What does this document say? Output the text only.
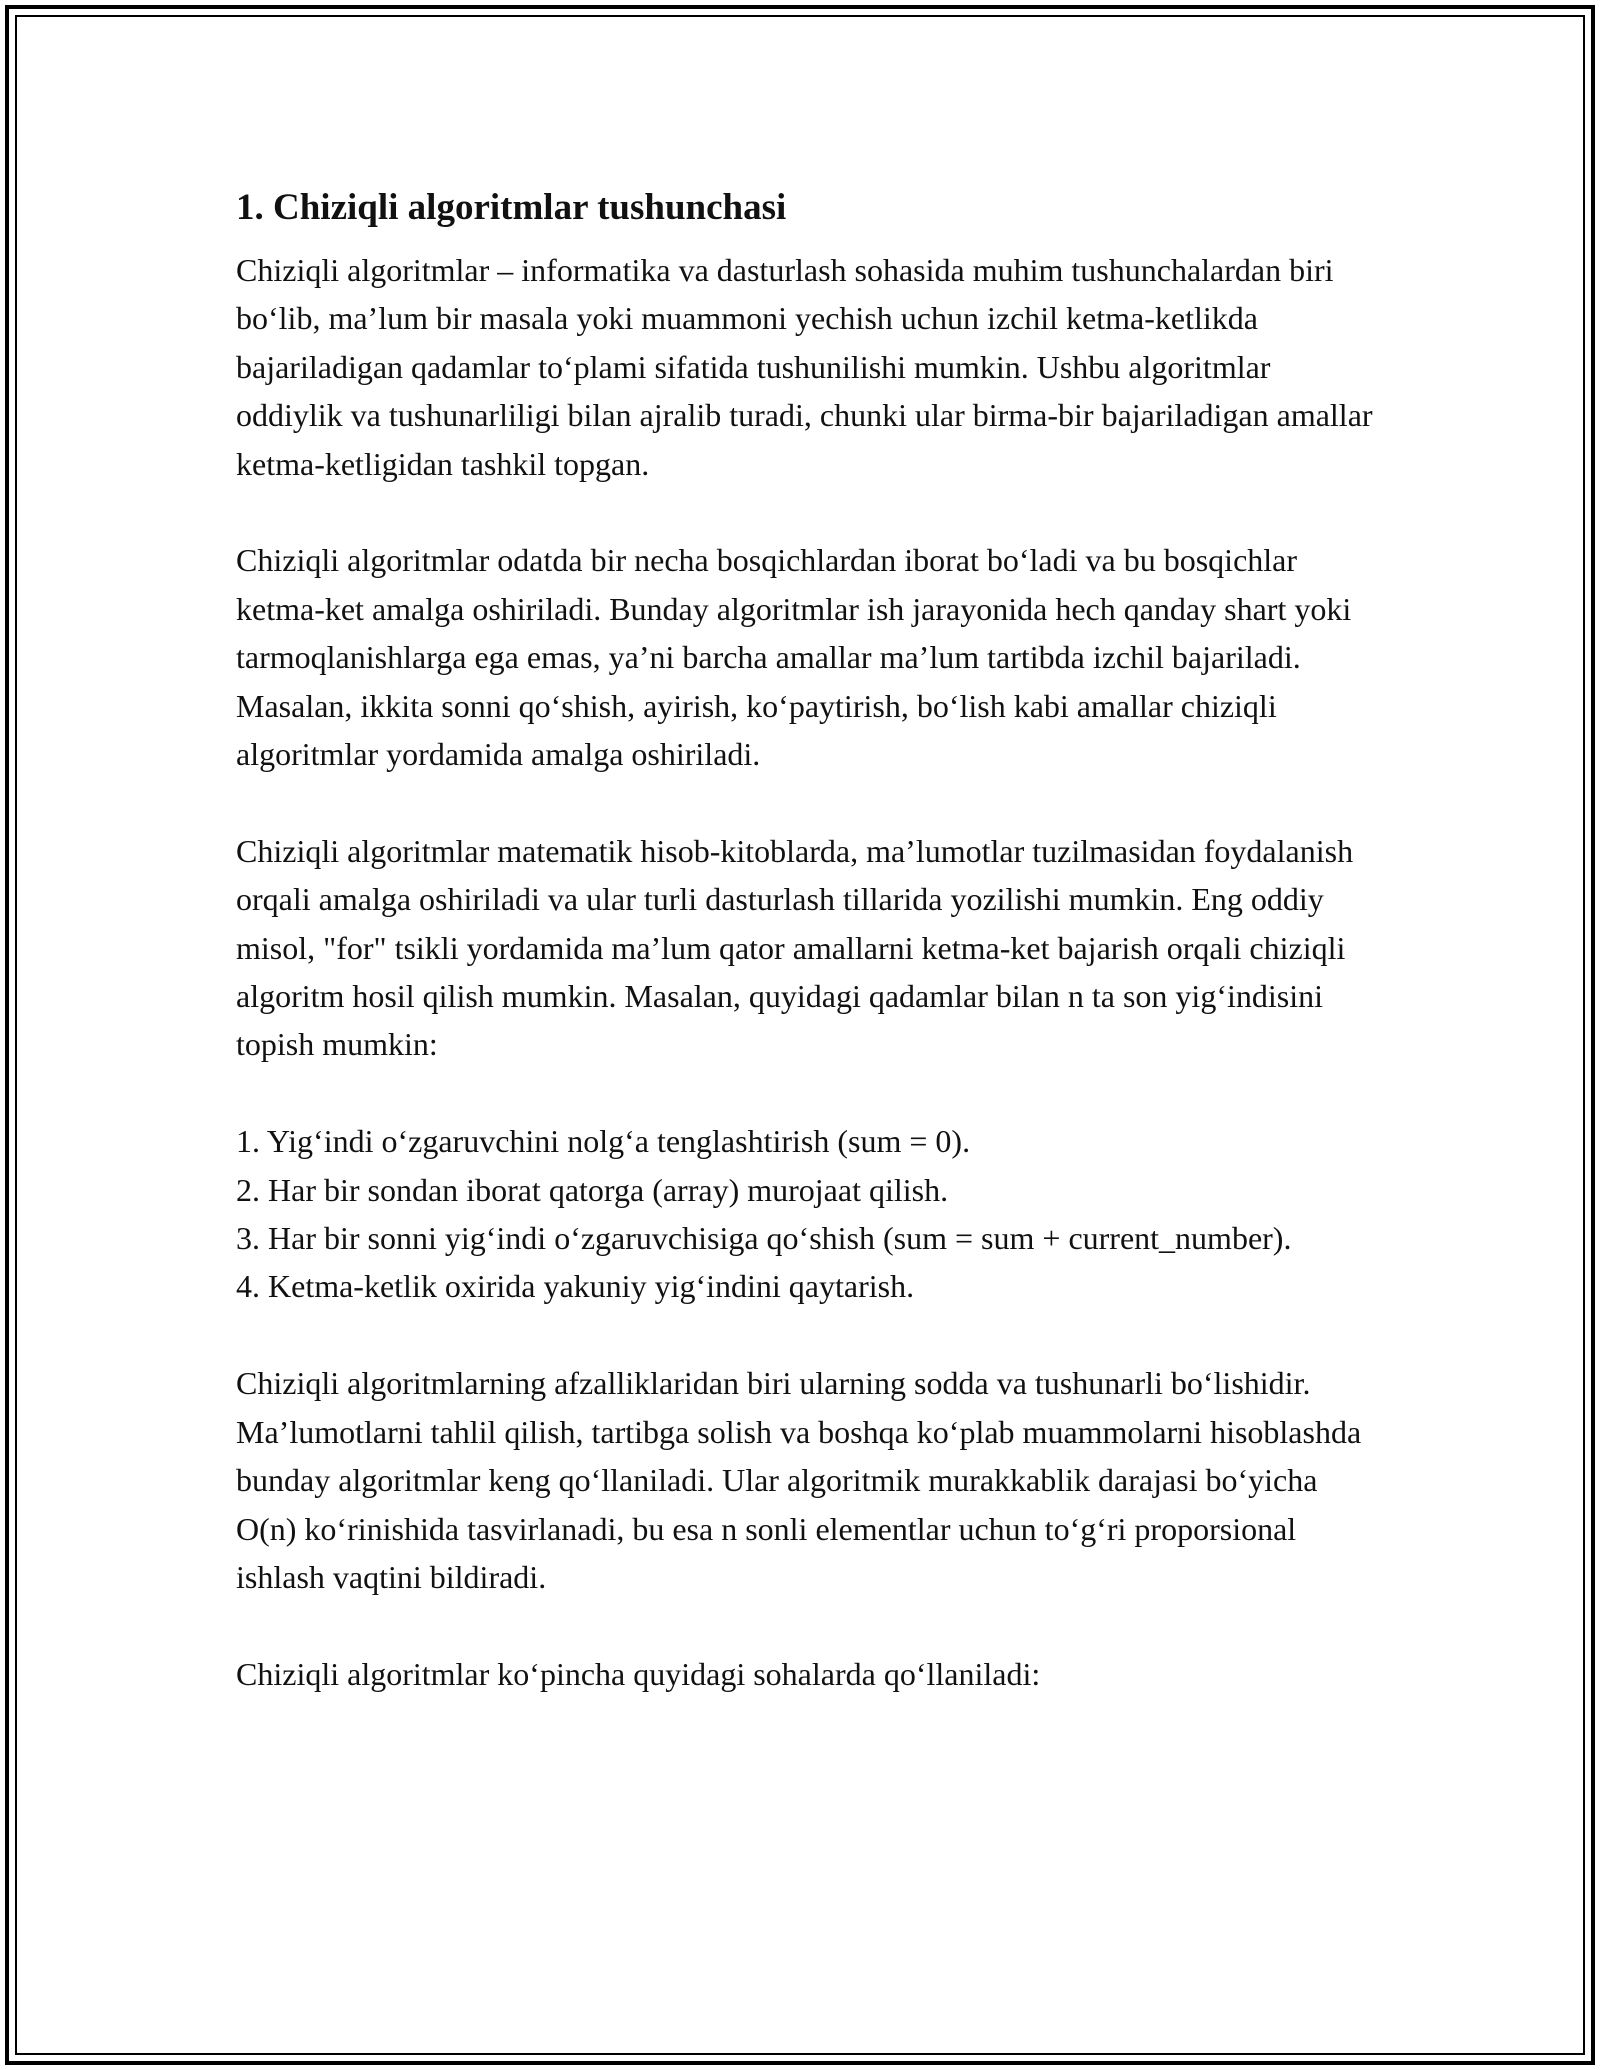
1. Chiziqli algoritmlar tushunchasi

Chiziqli algoritmlar – informatika va dasturlash sohasida muhim tushunchalardan biri bo‘lib, ma’lum bir masala yoki muammoni yechish uchun izchil ketma-ketlikda bajariladigan qadamlar to‘plami sifatida tushunilishi mumkin. Ushbu algoritmlar oddiylik va tushunarliligi bilan ajralib turadi, chunki ular birma-bir bajariladigan amallar ketma-ketligidan tashkil topgan.

Chiziqli algoritmlar odatda bir necha bosqichlardan iborat bo‘ladi va bu bosqichlar ketma-ket amalga oshiriladi. Bunday algoritmlar ish jarayonida hech qanday shart yoki tarmoqlanishlarga ega emas, ya’ni barcha amallar ma’lum tartibda izchil bajariladi. Masalan, ikkita sonni qo‘shish, ayirish, ko‘paytirish, bo‘lish kabi amallar chiziqli algoritmlar yordamida amalga oshiriladi.

Chiziqli algoritmlar matematik hisob-kitoblarda, ma’lumotlar tuzilmasidan foydalanish orqali amalga oshiriladi va ular turli dasturlash tillarida yozilishi mumkin. Eng oddiy misol, "for" tsikli yordamida ma’lum qator amallarni ketma-ket bajarish orqali chiziqli algoritm hosil qilish mumkin. Masalan, quyidagi qadamlar bilan n ta son yig‘indisini topish mumkin:

1. Yig‘indi o‘zgaruvchini nolg‘a tenglashtirish (sum = 0).
2. Har bir sondan iborat qatorga (array) murojaat qilish.
3. Har bir sonni yig‘indi o‘zgaruvchisiga qo‘shish (sum = sum + current_number).
4. Ketma-ketlik oxirida yakuniy yig‘indini qaytarish.

Chiziqli algoritmlarning afzalliklaridan biri ularning sodda va tushunarli bo‘lishidir. Ma’lumotlarni tahlil qilish, tartibga solish va boshqa ko‘plab muammolarni hisoblashda bunday algoritmlar keng qo‘llaniladi. Ular algoritmik murakkablik darajasi bo‘yicha O(n) ko‘rinishida tasvirlanadi, bu esa n sonli elementlar uchun to‘g‘ri proporsional ishlash vaqtini bildiradi.

Chiziqli algoritmlar ko‘pincha quyidagi sohalarda qo‘llaniladi:
